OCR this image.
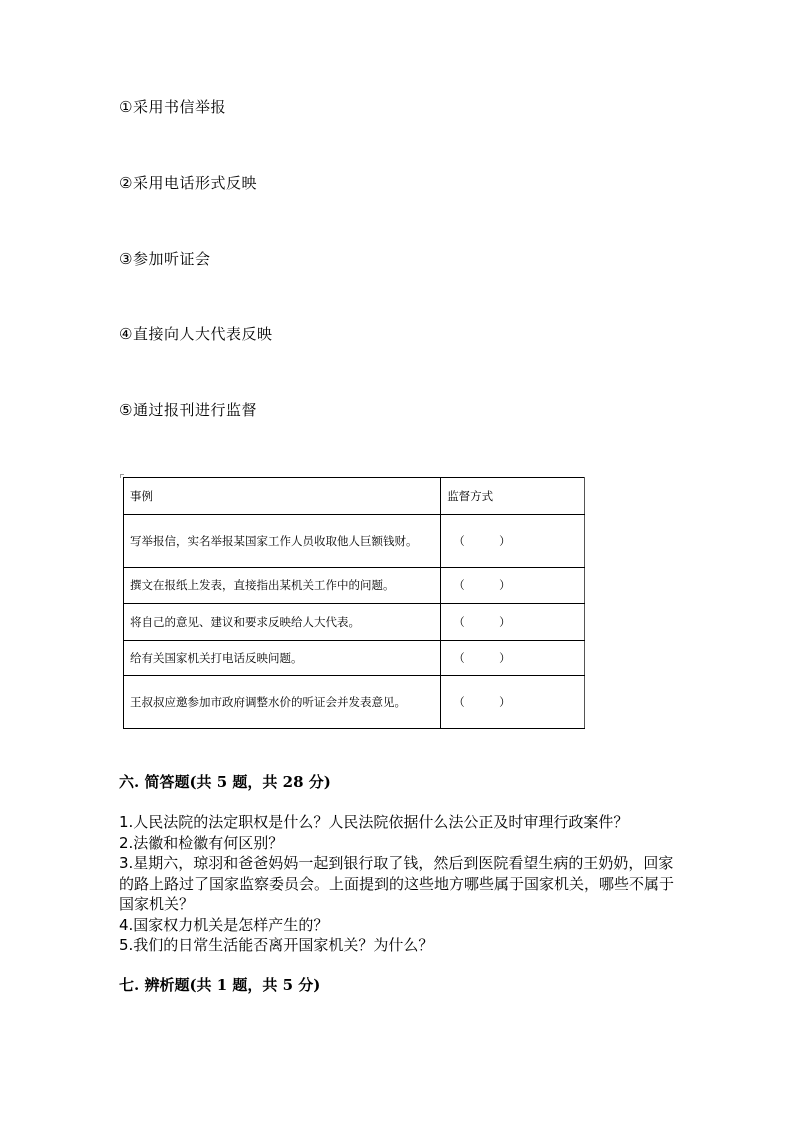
①采用书信举报
②采用电话形式反映
③参加听证会
④直接向人大代表反映
⑤通过报刊进行监督
事例	监督方式
写举报信，实名举报某国家工作人员收取他人巨额钱财。	（　　　）
撰文在报纸上发表，直接指出某机关工作中的问题。	（　　　）
将自己的意见、建议和要求反映给人大代表。	（　　　）
给有关国家机关打电话反映问题。	（　　　）
王叔叔应邀参加市政府调整水价的听证会并发表意见。	（　　　）
六. 简答题(共 5 题，共 28 分)

1.人民法院的法定职权是什么？人民法院依据什么法公正及时审理行政案件？

2.法徽和检徽有何区别？

3.星期六，琼羽和爸爸妈妈一起到银行取了钱，然后到医院看望生病的王奶奶，回家的路上路过了国家监察委员会。上面提到的这些地方哪些属于国家机关，哪些不属于国家机关？

4.国家权力机关是怎样产生的？

5.我们的日常生活能否离开国家机关？为什么？

七. 辨析题(共 1 题，共 5 分)
